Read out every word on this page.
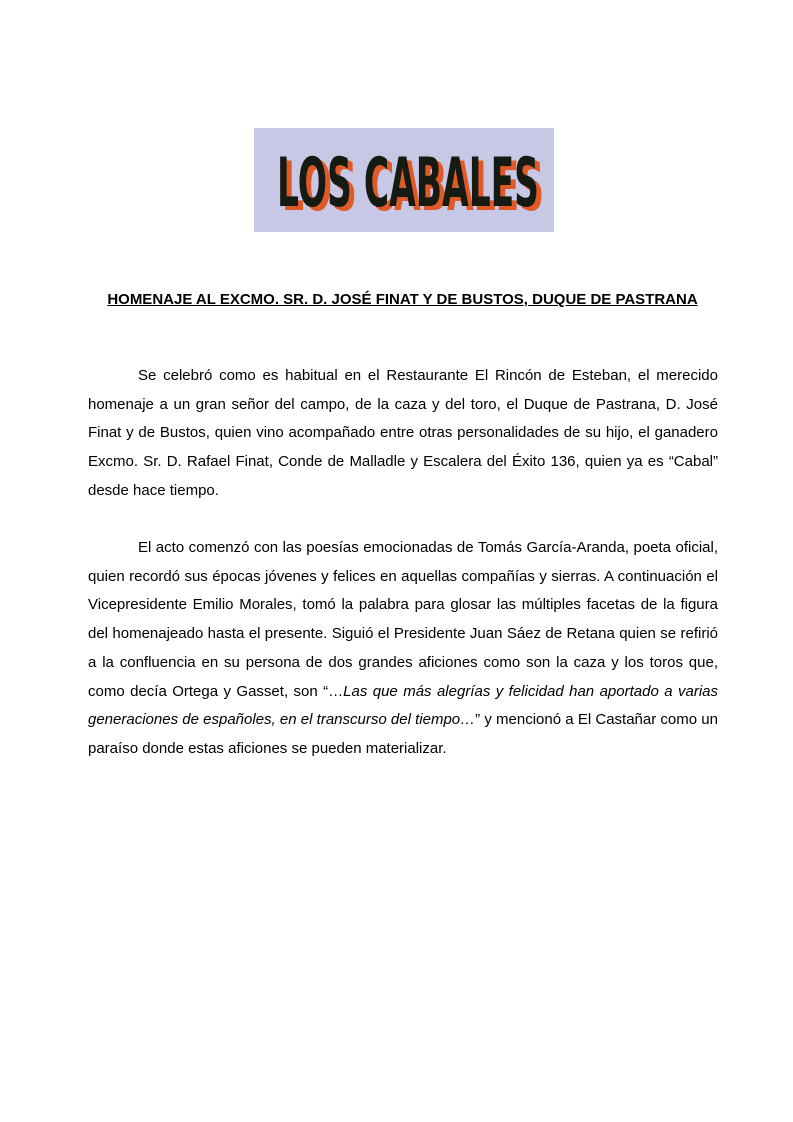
LOS CABALES
LOS CABALES
HOMENAJE AL EXCMO. SR. D. JOSÉ FINAT Y DE BUSTOS, DUQUE DE PASTRANA

Se celebró como es habitual en el Restaurante El Rincón de Esteban, el merecido homenaje a un gran señor del campo, de la caza y del toro, el Duque de Pastrana, D. José Finat y de Bustos, quien vino acompañado entre otras personalidades de su hijo, el ganadero Excmo. Sr. D. Rafael Finat, Conde de Malladle y Escalera del Éxito 136, quien ya es “Cabal” desde hace tiempo.

El acto comenzó con las poesías emocionadas de Tomás García-Aranda, poeta oficial, quien recordó sus épocas jóvenes y felices en aquellas compañías y sierras. A continuación el Vicepresidente Emilio Morales, tomó la palabra para glosar las múltiples facetas de la figura del homenajeado hasta el presente. Siguió el Presidente Juan Sáez de Retana quien se refirió a la confluencia en su persona de dos grandes aficiones como son la caza y los toros que, como decía Ortega y Gasset, son “…Las que más alegrías y felicidad han aportado a varias generaciones de españoles, en el transcurso del tiempo…” y mencionó a El Castañar como un paraíso donde estas aficiones se pueden materializar.
